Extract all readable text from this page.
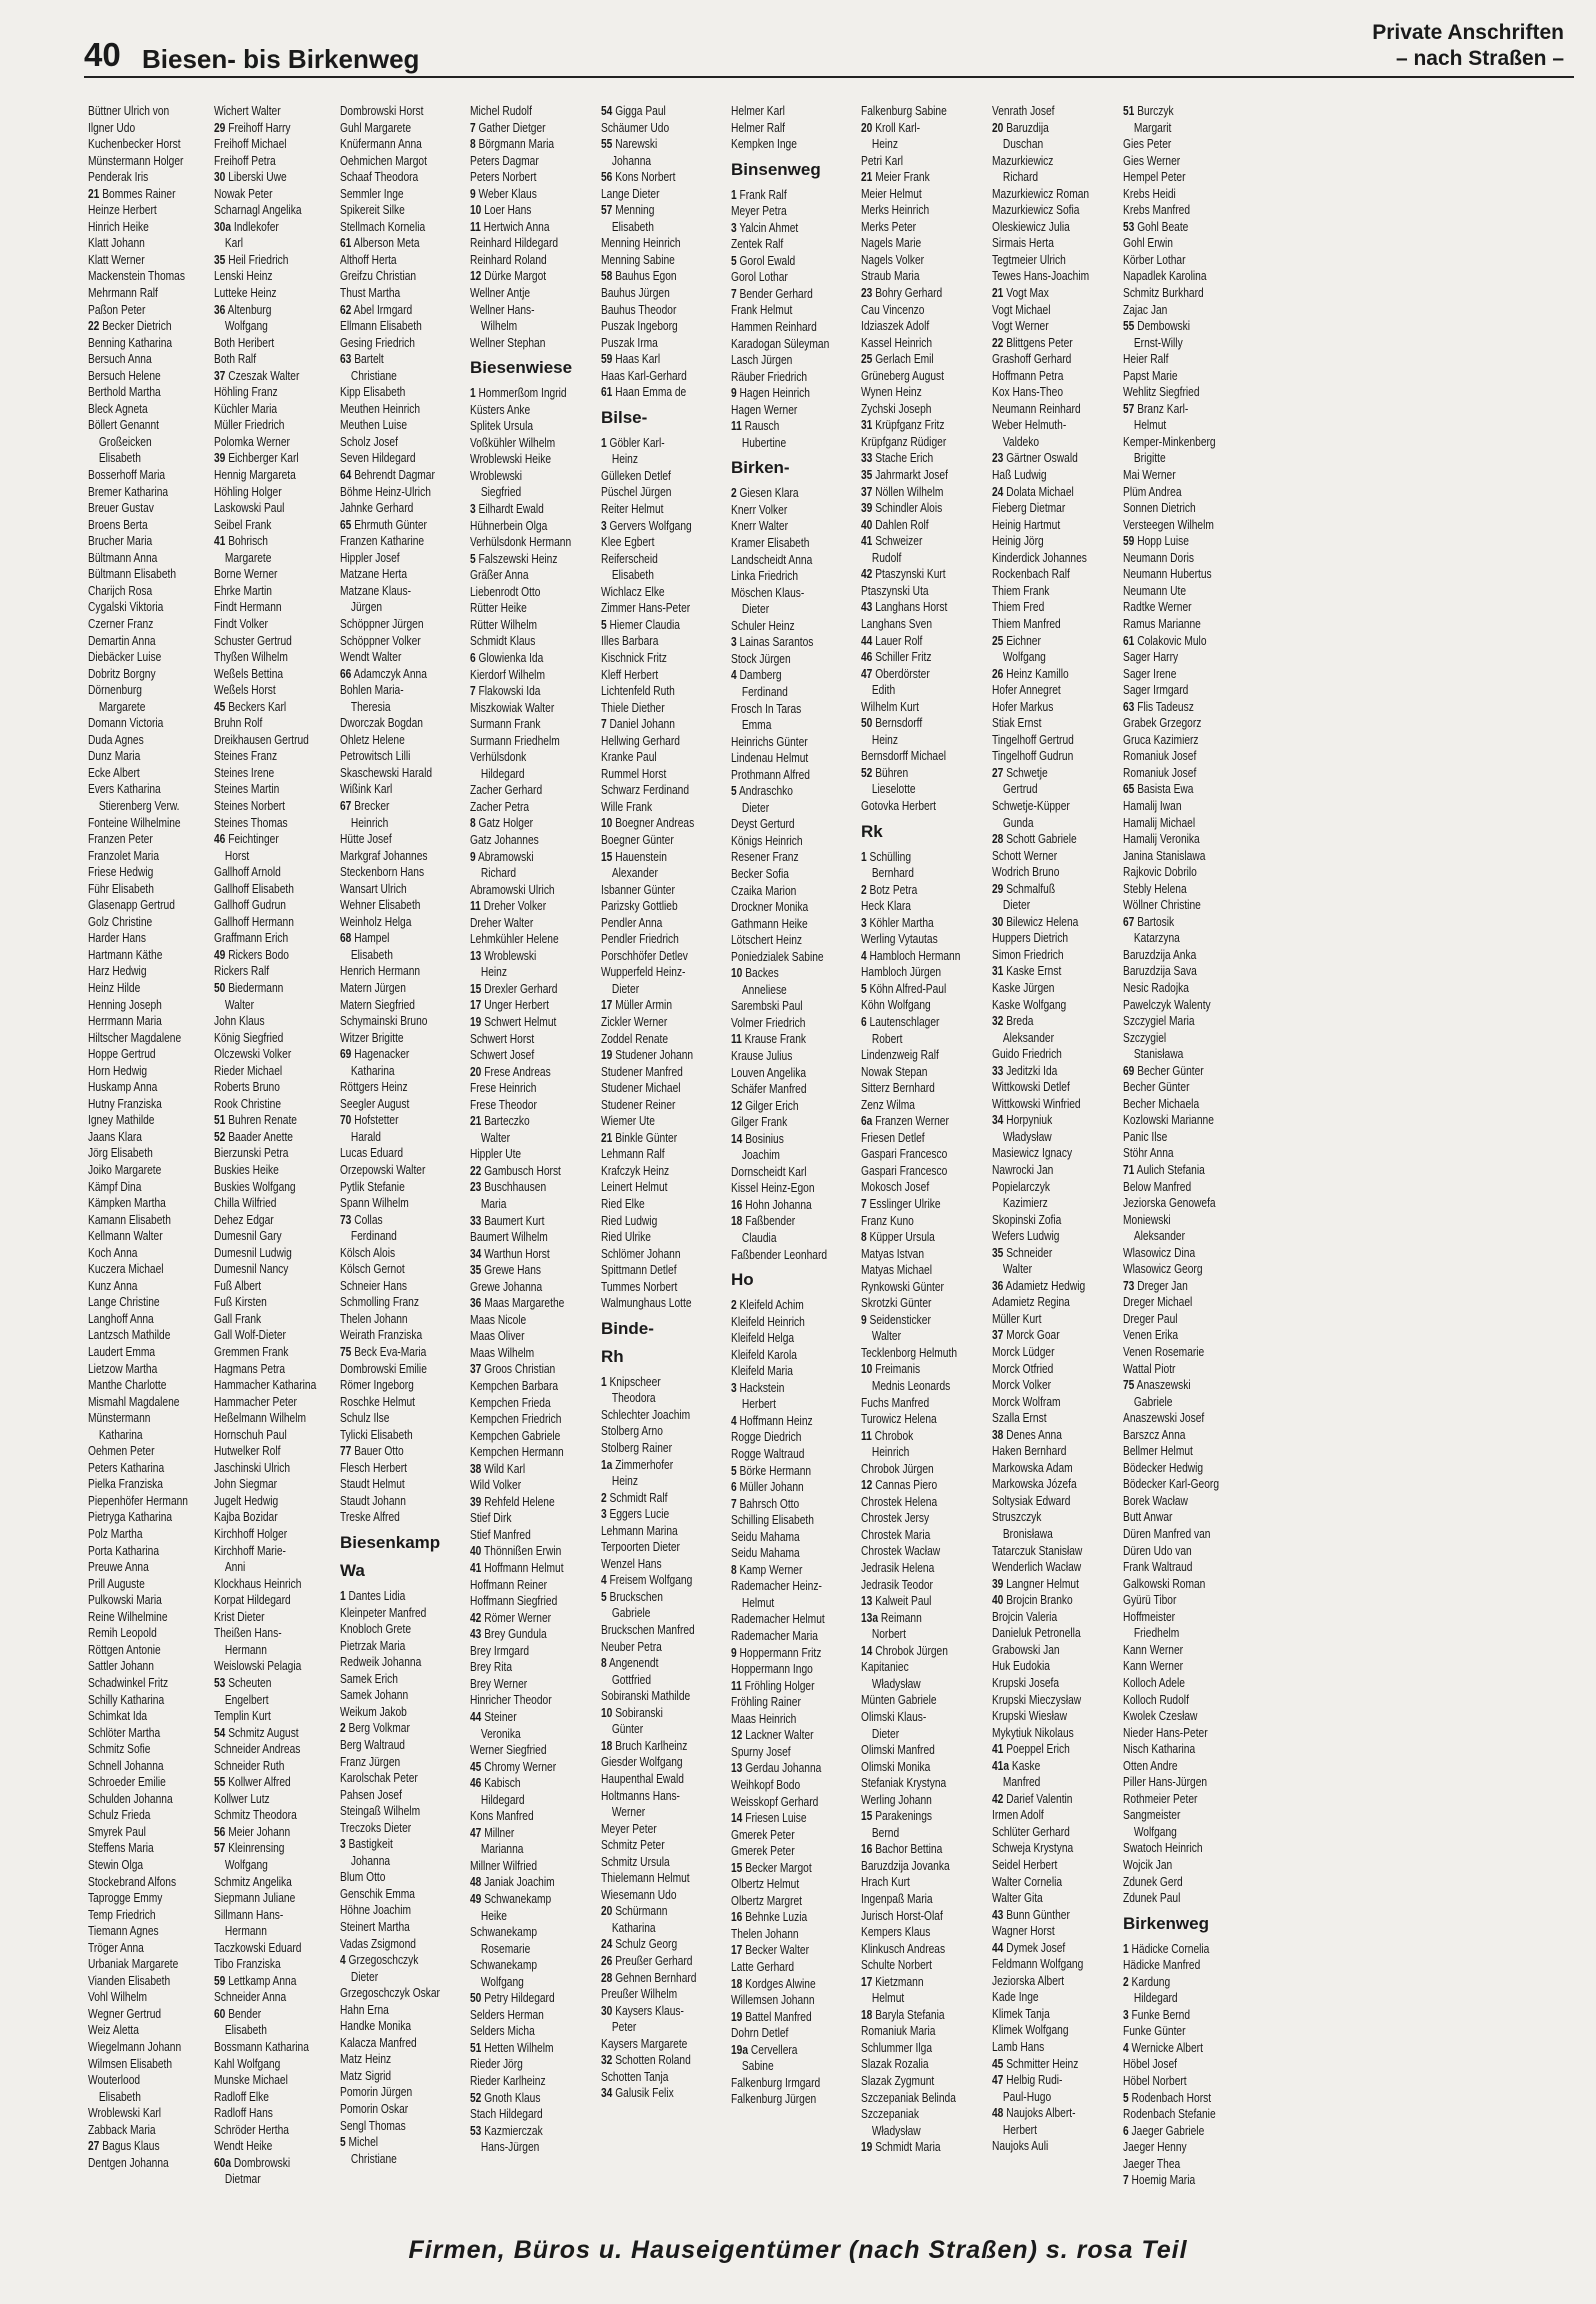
40 Biesen- bis Birkenweg
Private Anschriften
– nach Straßen –
Büttner Ulrich von
Ilgner Udo
Kuchenbecker Horst
Münstermann Holger
Penderak Iris
21 Bommes Rainer
Heinze Herbert
Hinrich Heike
Klatt Johann
Klatt Werner
Mackenstein Thomas
Mehrmann Ralf
Paßon Peter
22 Becker Dietrich
Benning Katharina
Bersuch Anna
Bersuch Helene
Berthold Martha
Bleck Agneta
Böllert Genannt
Großeicken
Elisabeth
Bosserhoff Maria
Bremer Katharina
Breuer Gustav
Broens Berta
Brucher Maria
Bültmann Anna
Bültmann Elisabeth
Charijch Rosa
Cygalski Viktoria
Czerner Franz
Demartin Anna
Diebäcker Luise
Dobritz Borgny
Dörnenburg
Margarete
Domann Victoria
Duda Agnes
Dunz Maria
Ecke Albert
Evers Katharina
Stierenberg Verw.
Fonteine Wilhelmine
Franzen Peter
Franzolet Maria
Friese Hedwig
Führ Elisabeth
Glasenapp Gertrud
Golz Christine
Harder Hans
Hartmann Käthe
Harz Hedwig
Heinz Hilde
Henning Joseph
Herrmann Maria
Hiltscher Magdalene
Hoppe Gertrud
Horn Hedwig
Huskamp Anna
Hutny Franziska
Igney Mathilde
Jaans Klara
Jörg Elisabeth
Joiko Margarete
Kämpf Dina
Kämpken Martha
Kamann Elisabeth
Kellmann Walter
Koch Anna
Kuczera Michael
Kunz Anna
Lange Christine
Langhoff Anna
Lantzsch Mathilde
Laudert Emma
Lietzow Martha
Manthe Charlotte
Mismahl Magdalene
Münstermann
Katharina
Oehmen Peter
Peters Katharina
Pielka Franziska
Piepenhöfer Hermann
Pietryga Katharina
Polz Martha
Porta Katharina
Preuwe Anna
Prill Auguste
Pulkowski Maria
Reine Wilhelmine
Remih Leopold
Röttgen Antonie
Sattler Johann
Schadwinkel Fritz
Schilly Katharina
Schimkat Ida
Schlöter Martha
Schmitz Sofie
Schnell Johanna
Schroeder Emilie
Schulden Johanna
Schulz Frieda
Smyrek Paul
Steffens Maria
Stewin Olga
Stockebrand Alfons
Taprogge Emmy
Temp Friedrich
Tiemann Agnes
Tröger Anna
Urbaniak Margarete
Vianden Elisabeth
Vohl Wilhelm
Wegner Gertrud
Weiz Aletta
Wiegelmann Johann
Wilmsen Elisabeth
Wouterlood
Elisabeth
Wroblewski Karl
Zabback Maria
27 Bagus Klaus
Dentgen Johanna
Wichert Walter
29 Freihoff Harry
Freihoff Michael
Freihoff Petra
30 Liberski Uwe
Nowak Peter
Scharnagl Angelika
30a Indlekofer
Karl
35 Heil Friedrich
Lenski Heinz
Lutteke Heinz
36 Altenburg
Wolfgang
Both Heribert
Both Ralf
37 Czeszak Walter
Höhling Franz
Küchler Maria
Müller Friedrich
Polomka Werner
39 Eichberger Karl
Hennig Margareta
Höhling Holger
Laskowski Paul
Seibel Frank
41 Bohrisch
Margarete
Borne Werner
Ehrke Martin
Findt Hermann
Findt Volker
Schuster Gertrud
Thyßen Wilhelm
Weßels Bettina
Weßels Horst
45 Beckers Karl
Bruhn Rolf
Dreikhausen Gertrud
Steines Franz
Steines Irene
Steines Martin
Steines Norbert
Steines Thomas
46 Feichtinger
Horst
Gallhoff Arnold
Gallhoff Elisabeth
Gallhoff Gudrun
Gallhoff Hermann
Graffmann Erich
49 Rickers Bodo
Rickers Ralf
50 Biedermann
Walter
John Klaus
König Siegfried
Olczewski Volker
Rieder Michael
Roberts Bruno
Rook Christine
51 Buhren Renate
52 Baader Anette
Bierzunski Petra
Buskies Heike
Buskies Wolfgang
Chilla Wilfried
Dehez Edgar
Dumesnil Gary
Dumesnil Ludwig
Dumesnil Nancy
Fuß Albert
Fuß Kirsten
Gall Frank
Gall Wolf-Dieter
Gremmen Frank
Hagmans Petra
Hammacher Katharina
Hammacher Peter
Heßelmann Wilhelm
Hornschuh Paul
Hutwelker Rolf
Jaschinski Ulrich
John Siegmar
Jugelt Hedwig
Kajba Bozidar
Kirchhoff Holger
Kirchhoff Marie-
Anni
Klockhaus Heinrich
Korpat Hildegard
Krist Dieter
Theißen Hans-
Hermann
Weislowski Pelagia
53 Scheuten
Engelbert
Templin Kurt
54 Schmitz August
Schneider Andreas
Schneider Ruth
55 Kollwer Alfred
Kollwer Lutz
Schmitz Theodora
56 Meier Johann
57 Kleinrensing
Wolfgang
Schmitz Angelika
Siepmann Juliane
Sillmann Hans-
Hermann
Taczkowski Eduard
Tibo Franziska
59 Lettkamp Anna
Schneider Anna
60 Bender
Elisabeth
Bossmann Katharina
Kahl Wolfgang
Munske Michael
Radloff Elke
Radloff Hans
Schröder Hertha
Wendt Heike
60a Dombrowski
Dietmar
Dombrowski Horst
Guhl Margarete
Knüfermann Anna
Oehmichen Margot
Schaaf Theodora
Semmler Inge
Spikereit Silke
Stellmach Kornelia
61 Alberson Meta
Althoff Herta
Greifzu Christian
Thust Martha
62 Abel Irmgard
Ellmann Elisabeth
Gesing Friedrich
63 Bartelt
Christiane
Kipp Elisabeth
Meuthen Heinrich
Meuthen Luise
Scholz Josef
Seven Hildegard
64 Behrendt Dagmar
Böhme Heinz-Ulrich
Jahnke Gerhard
65 Ehrmuth Günter
Franzen Katharine
Hippler Josef
Matzane Herta
Matzane Klaus-
Jürgen
Schöppner Jürgen
Schöppner Volker
Wendt Walter
66 Adamczyk Anna
Bohlen Maria-
Theresia
Dworczak Bogdan
Ohletz Helene
Petrowitsch Lilli
Skaschewski Harald
Wißink Karl
67 Brecker
Heinrich
Hütte Josef
Markgraf Johannes
Steckenborn Hans
Wansart Ulrich
Wehner Elisabeth
Weinholz Helga
68 Hampel
Elisabeth
Henrich Hermann
Matern Jürgen
Matern Siegfried
Schymainski Bruno
Witzer Brigitte
69 Hagenacker
Katharina
Röttgers Heinz
Seegler August
70 Hofstetter
Harald
Lucas Eduard
Orzepowski Walter
Pytlik Stefanie
Spann Wilhelm
73 Collas
Ferdinand
Kölsch Alois
Kölsch Gernot
Schneier Hans
Schmolling Franz
Thelen Johann
Weirath Franziska
75 Beck Eva-Maria
Dombrowski Emilie
Römer Ingeborg
Roschke Helmut
Schulz Ilse
Tylicki Elisabeth
77 Bauer Otto
Flesch Herbert
Staudt Helmut
Staudt Johann
Treske Alfred
Biesenkamp
Wa
1 Dantes Lidia
Kleinpeter Manfred
Knobloch Grete
Pietrzak Maria
Redweik Johanna
Samek Erich
Samek Johann
Weikum Jakob
2 Berg Volkmar
Berg Waltraud
Franz Jürgen
Karolschak Peter
Pahsen Josef
Steingaß Wilhelm
Treczoks Dieter
3 Bastigkeit
Johanna
Blum Otto
Genschik Emma
Höhne Joachim
Steinert Martha
Vadas Zsigmond
4 Grzegoschczyk
Dieter
Grzegoschczyk Oskar
Hahn Erna
Handke Monika
Kalacza Manfred
Matz Heinz
Matz Sigrid
Pomorin Jürgen
Pomorin Oskar
Sengl Thomas
5 Michel
Christiane
Michel Rudolf
7 Gather Dietger
8 Börgmann Maria
Peters Dagmar
Peters Norbert
9 Weber Klaus
10 Loer Hans
11 Hertwich Anna
Reinhard Hildegard
Reinhard Roland
12 Dürke Margot
Wellner Antje
Wellner Hans-
Wilhelm
Wellner Stephan
Biesenwiese
1 Hommerßom Ingrid
Küsters Anke
Splitek Ursula
Voßkühler Wilhelm
Wroblewski Heike
Wroblewski
Siegfried
3 Eilhardt Ewald
Hühnerbein Olga
Verhülsdonk Hermann
5 Falszewski Heinz
Gräßer Anna
Liebenrodt Otto
Rütter Heike
Rütter Wilhelm
Schmidt Klaus
6 Glowienka Ida
Kierdorf Wilhelm
7 Flakowski Ida
Miszkowiak Walter
Surmann Frank
Surmann Friedhelm
Verhülsdonk
Hildegard
Zacher Gerhard
Zacher Petra
8 Gatz Holger
Gatz Johannes
9 Abramowski
Richard
Abramowski Ulrich
11 Dreher Volker
Dreher Walter
Lehmkühler Helene
13 Wroblewski
Heinz
15 Drexler Gerhard
17 Unger Herbert
19 Schwert Helmut
Schwert Horst
Schwert Josef
20 Frese Andreas
Frese Heinrich
Frese Theodor
21 Barteczko
Walter
Hippler Ute
22 Gambusch Horst
23 Buschhausen
Maria
33 Baumert Kurt
Baumert Wilhelm
34 Warthun Horst
35 Grewe Hans
Grewe Johanna
36 Maas Margarethe
Maas Nicole
Maas Oliver
Maas Wilhelm
37 Groos Christian
Kempchen Barbara
Kempchen Frieda
Kempchen Friedrich
Kempchen Gabriele
Kempchen Hermann
38 Wild Karl
Wild Volker
39 Rehfeld Helene
Stief Dirk
Stief Manfred
40 Thönnißen Erwin
41 Hoffmann Helmut
Hoffmann Reiner
Hoffmann Siegfried
42 Römer Werner
43 Brey Gundula
Brey Irmgard
Brey Rita
Brey Werner
Hinricher Theodor
44 Steiner
Veronika
Werner Siegfried
45 Chromy Werner
46 Kabisch
Hildegard
Kons Manfred
47 Millner
Marianna
Millner Wilfried
48 Janiak Joachim
49 Schwanekamp
Heike
Schwanekamp
Rosemarie
Schwanekamp
Wolfgang
50 Petry Hildegard
Selders Herman
Selders Micha
51 Hetten Wilhelm
Rieder Jörg
Rieder Karlheinz
52 Gnoth Klaus
Stach Hildegard
53 Kazmierczak
Hans-Jürgen
54 Gigga Paul
Schäumer Udo
55 Narewski
Johanna
56 Kons Norbert
Lange Dieter
57 Menning
Elisabeth
Menning Heinrich
Menning Sabine
58 Bauhus Egon
Bauhus Jürgen
Bauhus Theodor
Puszak Ingeborg
Puszak Irma
59 Haas Karl
Haas Karl-Gerhard
61 Haan Emma de
Bilse-
1 Göbler Karl-
Heinz
Gülleken Detlef
Püschel Jürgen
Reiter Helmut
3 Gervers Wolfgang
Klee Egbert
Reiferscheid
Elisabeth
Wichlacz Elke
Zimmer Hans-Peter
5 Hiemer Claudia
Illes Barbara
Kischnick Fritz
Kleff Herbert
Lichtenfeld Ruth
Thiele Diether
7 Daniel Johann
Hellwing Gerhard
Kranke Paul
Rummel Horst
Schwarz Ferdinand
Wille Frank
10 Boegner Andreas
Boegner Günter
15 Hauenstein
Alexander
Isbanner Günter
Parizsky Gottlieb
Pendler Anna
Pendler Friedrich
Porschhöfer Detlev
Wupperfeld Heinz-
Dieter
17 Müller Armin
Zickler Werner
Zoddel Renate
19 Studener Johann
Studener Manfred
Studener Michael
Studener Reiner
Wiemer Ute
21 Binkle Günter
Lehmann Ralf
Krafczyk Heinz
Leinert Helmut
Ried Elke
Ried Ludwig
Ried Ulrike
Schlömer Johann
Spittmann Detlef
Tummes Norbert
Walmunghaus Lotte
Binde-
Rh
1 Knipscheer
Theodora
Schlechter Joachim
Stolberg Arno
Stolberg Rainer
1a Zimmerhofer
Heinz
2 Schmidt Ralf
3 Eggers Lucie
Lehmann Marina
Terpoorten Dieter
Wenzel Hans
4 Freisem Wolfgang
5 Bruckschen
Gabriele
Bruckschen Manfred
Neuber Petra
8 Angenendt
Gottfried
Sobiranski Mathilde
10 Sobiranski
Günter
18 Bruch Karlheinz
Giesder Wolfgang
Haupenthal Ewald
Holtmanns Hans-
Werner
Meyer Peter
Schmitz Peter
Schmitz Ursula
Thielemann Helmut
Wiesemann Udo
20 Schürmann
Katharina
24 Schulz Georg
26 Preußer Gerhard
28 Gehnen Bernhard
Preußer Wilhelm
30 Kaysers Klaus-
Peter
Kaysers Margarete
32 Schotten Roland
Schotten Tanja
34 Galusik Felix
Helmer Karl
Helmer Ralf
Kempken Inge
Binsenweg
1 Frank Ralf
Meyer Petra
3 Yalcin Ahmet
Zentek Ralf
5 Gorol Ewald
Gorol Lothar
7 Bender Gerhard
Frank Helmut
Hammen Reinhard
Karadogan Süleyman
Lasch Jürgen
Räuber Friedrich
9 Hagen Heinrich
Hagen Werner
11 Rausch
Hubertine
Birken-
2 Giesen Klara
Knerr Volker
Knerr Walter
Kramer Elisabeth
Landscheidt Anna
Linka Friedrich
Möschen Klaus-
Dieter
Schuler Heinz
3 Lainas Sarantos
Stock Jürgen
4 Damberg
Ferdinand
Frosch In Taras
Emma
Heinrichs Günter
Lindenau Helmut
Prothmann Alfred
5 Andraschko
Dieter
Deyst Gerturd
Königs Heinrich
Resener Franz
Becker Sofia
Czaika Marion
Drockner Monika
Gathmann Heike
Lötschert Heinz
Poniedzialek Sabine
10 Backes
Anneliese
Sarembski Paul
Volmer Friedrich
11 Krause Frank
Krause Julius
Louven Angelika
Schäfer Manfred
12 Gilger Erich
Gilger Frank
14 Bosinius
Joachim
Dornscheidt Karl
Kissel Heinz-Egon
16 Hohn Johanna
18 Faßbender
Claudia
Faßbender Leonhard
Ho
2 Kleifeld Achim
Kleifeld Heinrich
Kleifeld Helga
Kleifeld Karola
Kleifeld Maria
3 Hackstein
Herbert
4 Hoffmann Heinz
Rogge Diedrich
Rogge Waltraud
5 Börke Hermann
6 Müller Johann
7 Bahrsch Otto
Schilling Elisabeth
Seidu Mahama
Seidu Mahama
8 Kamp Werner
Rademacher Heinz-
Helmut
Rademacher Helmut
Rademacher Maria
9 Hoppermann Fritz
Hoppermann Ingo
11 Fröhling Holger
Fröhling Rainer
Maas Heinrich
12 Lackner Walter
Spurny Josef
13 Gerdau Johanna
Weihkopf Bodo
Weisskopf Gerhard
14 Friesen Luise
Gmerek Peter
Gmerek Peter
15 Becker Margot
Olbertz Helmut
Olbertz Margret
16 Behnke Luzia
Thelen Johann
17 Becker Walter
Latte Gerhard
18 Kordges Alwine
Willemsen Johann
19 Battel Manfred
Dohrn Detlef
19a Cervellera
Sabine
Falkenburg Irmgard
Falkenburg Jürgen
Falkenburg Sabine
20 Kroll Karl-
Heinz
Petri Karl
21 Meier Frank
Meier Helmut
Merks Heinrich
Merks Peter
Nagels Marie
Nagels Volker
Straub Maria
23 Bohry Gerhard
Cau Vincenzo
Idziaszek Adolf
Kassel Heinrich
25 Gerlach Emil
Grüneberg August
Wynen Heinz
Zychski Joseph
31 Krüpfganz Fritz
Krüpfganz Rüdiger
33 Stache Erich
35 Jahrmarkt Josef
37 Nöllen Wilhelm
39 Schindler Alois
40 Dahlen Rolf
41 Schweizer
Rudolf
42 Ptaszynski Kurt
Ptaszynski Uta
43 Langhans Horst
Langhans Sven
44 Lauer Rolf
46 Schiller Fritz
47 Oberdörster
Edith
Wilhelm Kurt
50 Bernsdorff
Heinz
Bernsdorff Michael
52 Bühren
Lieselotte
Gotovka Herbert
Rk
1 Schülling
Bernhard
2 Botz Petra
Heck Klara
3 Köhler Martha
Werling Vytautas
4 Hambloch Hermann
Hambloch Jürgen
5 Köhn Alfred-Paul
Köhn Wolfgang
6 Lautenschlager
Robert
Lindenzweig Ralf
Nowak Stepan
Sitterz Bernhard
Zenz Wilma
6a Franzen Werner
Friesen Detlef
Gaspari Francesco
Gaspari Francesco
Mokosch Josef
7 Esslinger Ulrike
Franz Kuno
8 Küpper Ursula
Matyas Istvan
Matyas Michael
Rynkowski Günter
Skrotzki Günter
9 Seidensticker
Walter
Tecklenborg Helmuth
10 Freimanis
Mednis Leonards
Fuchs Manfred
Turowicz Helena
11 Chrobok
Heinrich
Chrobok Jürgen
12 Cannas Piero
Chrostek Helena
Chrostek Jersy
Chrostek Maria
Chrostek Wacław
Jedrasik Helena
Jedrasik Teodor
13 Kalweit Paul
13a Reimann
Norbert
14 Chrobok Jürgen
Kapitaniec
Władysław
Münten Gabriele
Olimski Klaus-
Dieter
Olimski Manfred
Olimski Monika
Stefaniak Krystyna
Werling Johann
15 Parakenings
Bernd
16 Bachor Bettina
Baruzdzija Jovanka
Hrach Kurt
Ingenpaß Maria
Jurisch Horst-Olaf
Kempers Klaus
Klinkusch Andreas
Schulte Norbert
17 Kietzmann
Helmut
18 Baryla Stefania
Romaniuk Maria
Schlummer Ilga
Slazak Rozalia
Slazak Zygmunt
Szczepaniak Belinda
Szczepaniak
Władysław
19 Schmidt Maria
Venrath Josef
20 Baruzdija
Duschan
Mazurkiewicz
Richard
Mazurkiewicz Roman
Mazurkiewicz Sofia
Oleskiewicz Julia
Sirmais Herta
Tegtmeier Ulrich
Tewes Hans-Joachim
21 Vogt Max
Vogt Michael
Vogt Werner
22 Blittgens Peter
Grashoff Gerhard
Hoffmann Petra
Kox Hans-Theo
Neumann Reinhard
Weber Helmuth-
Valdeko
23 Gärtner Oswald
Haß Ludwig
24 Dolata Michael
Fieberg Dietmar
Heinig Hartmut
Heinig Jörg
Kinderdick Johannes
Rockenbach Ralf
Thiem Frank
Thiem Fred
Thiem Manfred
25 Eichner
Wolfgang
26 Heinz Kamillo
Hofer Annegret
Hofer Markus
Stiak Ernst
Tingelhoff Gertrud
Tingelhoff Gudrun
27 Schwetje
Gertrud
Schwetje-Küpper
Gunda
28 Schott Gabriele
Schott Werner
Wodrich Bruno
29 Schmalfuß
Dieter
30 Bilewicz Helena
Huppers Dietrich
Simon Friedrich
31 Kaske Ernst
Kaske Jürgen
Kaske Wolfgang
32 Breda
Aleksander
Guido Friedrich
33 Jeditzki Ida
Wittkowski Detlef
Wittkowski Winfried
34 Horpyniuk
Władysław
Masiewicz Ignacy
Nawrocki Jan
Popielarczyk
Kazimierz
Skopinski Zofia
Wefers Ludwig
35 Schneider
Walter
36 Adamietz Hedwig
Adamietz Regina
Müller Kurt
37 Morck Goar
Morck Lüdger
Morck Otfried
Morck Volker
Morck Wolfram
Szalla Ernst
38 Denes Anna
Haken Bernhard
Markowska Adam
Markowska Józefa
Soltysiak Edward
Struszczyk
Bronisława
Tatarczuk Stanisław
Wenderlich Wacław
39 Langner Helmut
40 Brojcin Branko
Brojcin Valeria
Danieluk Petronella
Grabowski Jan
Huk Eudokia
Krupski Josefa
Krupski Mieczysław
Krupski Wiesław
Mykytiuk Nikolaus
41 Poeppel Erich
41a Kaske
Manfred
42 Darief Valentin
Irmen Adolf
Schlüter Gerhard
Schweja Krystyna
Seidel Herbert
Walter Cornelia
Walter Gita
43 Bunn Günther
Wagner Horst
44 Dymek Josef
Feldmann Wolfgang
Jeziorska Albert
Kade Inge
Klimek Tanja
Klimek Wolfgang
Lamb Hans
45 Schmitter Heinz
47 Helbig Rudi-
Paul-Hugo
48 Naujoks Albert-
Herbert
Naujoks Auli
51 Burczyk
Margarit
Gies Peter
Gies Werner
Hempel Peter
Krebs Heidi
Krebs Manfred
53 Gohl Beate
Gohl Erwin
Körber Lothar
Napadlek Karolina
Schmitz Burkhard
Zajac Jan
55 Dembowski
Ernst-Willy
Heier Ralf
Papst Marie
Wehlitz Siegfried
57 Branz Karl-
Helmut
Kemper-Minkenberg
Brigitte
Mai Werner
Plüm Andrea
Sonnen Dietrich
Versteegen Wilhelm
59 Hopp Luise
Neumann Doris
Neumann Hubertus
Neumann Ute
Radtke Werner
Ramus Marianne
61 Colakovic Mulo
Sager Harry
Sager Irene
Sager Irmgard
63 Flis Tadeusz
Grabek Grzegorz
Gruca Kazimierz
Romaniuk Josef
Romaniuk Josef
65 Basista Ewa
Hamalij Iwan
Hamalij Michael
Hamalij Veronika
Janina Stanislawa
Rajkovic Dobrilo
Stebly Helena
Wöllner Christine
67 Bartosik
Katarzyna
Baruzdzija Anka
Baruzdzija Sava
Nesic Radojka
Pawelczyk Walenty
Szczygiel Maria
Szczygiel
Stanisława
69 Becher Günter
Becher Günter
Becher Michaela
Kozlowski Marianne
Panic Ilse
Stöhr Anna
71 Aulich Stefania
Below Manfred
Jeziorska Genowefa
Moniewski
Aleksander
Wlasowicz Dina
Wlasowicz Georg
73 Dreger Jan
Dreger Michael
Dreger Paul
Venen Erika
Venen Rosemarie
Wattal Piotr
75 Anaszewski
Gabriele
Anaszewski Josef
Barszcz Anna
Bellmer Helmut
Bödecker Hedwig
Bödecker Karl-Georg
Borek Wacław
Butt Anwar
Düren Manfred van
Düren Udo van
Frank Waltraud
Galkowski Roman
Gyürü Tibor
Hoffmeister
Friedhelm
Kann Werner
Kann Werner
Kolloch Adele
Kolloch Rudolf
Kwolek Czesław
Nieder Hans-Peter
Nisch Katharina
Otten Andre
Piller Hans-Jürgen
Rothmeier Peter
Sangmeister
Wolfgang
Swatoch Heinrich
Wojcik Jan
Zdunek Gerd
Zdunek Paul
Birkenweg
1 Hädicke Cornelia
Hädicke Manfred
2 Kardung
Hildegard
3 Funke Bernd
Funke Günter
4 Wernicke Albert
Höbel Josef
Höbel Norbert
5 Rodenbach Horst
Rodenbach Stefanie
6 Jaeger Gabriele
Jaeger Henny
Jaeger Thea
7 Hoemig Maria
Firmen, Büros u. Hauseigentümer (nach Straßen) s. rosa Teil
